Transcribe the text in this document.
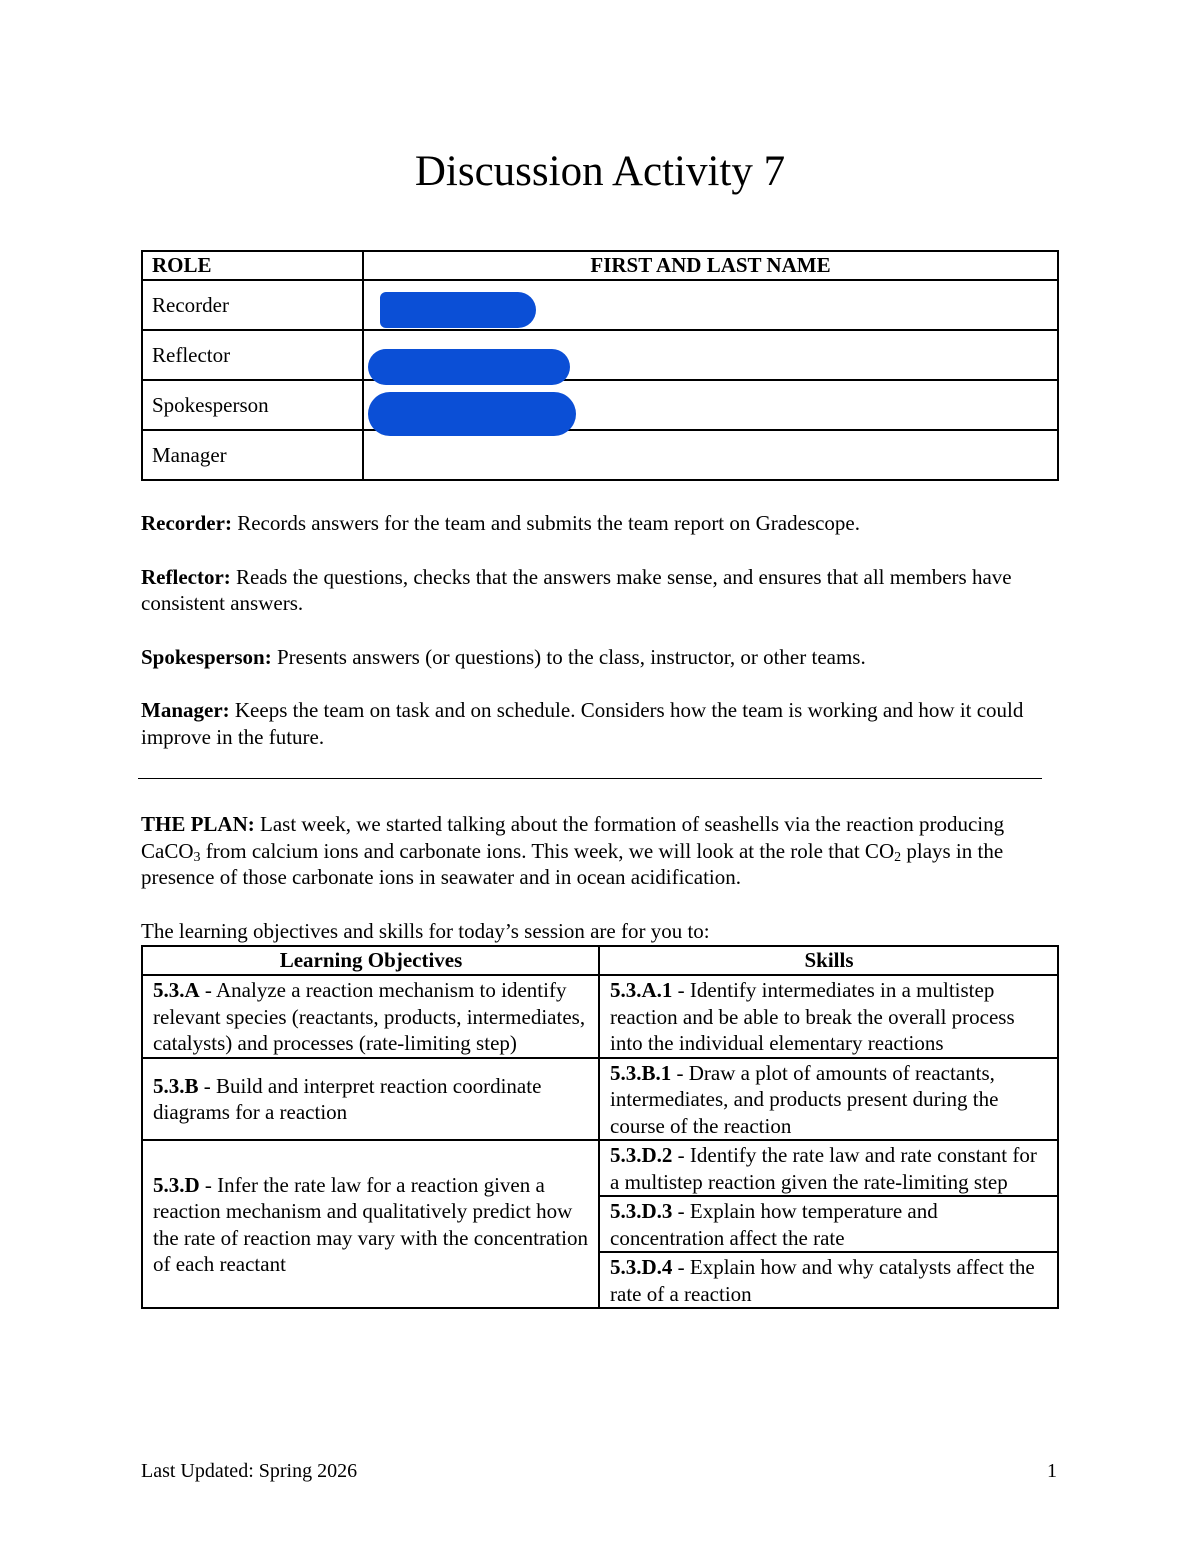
Discussion Activity 7
ROLE	FIRST AND LAST NAME
Recorder	
Reflector	
Spokesperson	
Manager	

Recorder: Records answers for the team and submits the team report on Gradescope.

Reflector: Reads the questions, checks that the answers make sense, and ensures that all members have consistent answers.

Spokesperson: Presents answers (or questions) to the class, instructor, or other teams.

Manager: Keeps the team on task and on schedule. Considers how the team is working and how it could improve in the future.

THE PLAN: Last week, we started talking about the formation of seashells via the reaction producing CaCO$_3$ from calcium ions and carbonate ions. This week, we will look at the role that $CO_2$ plays in the presence of those carbonate ions in seawater and in ocean acidification.

The learning objectives and skills for today’s session are for you to:

Learning Objectives	Skills
5.3.A - Analyze a reaction mechanism to identify relevant species (reactants, products, intermediates, catalysts) and processes (rate-limiting step)	5.3.A.1 - Identify intermediates in a multistep reaction and be able to break the overall process into the individual elementary reactions
5.3.B - Build and interpret reaction coordinate diagrams for a reaction	5.3.B.1 - Draw a plot of amounts of reactants, intermediates, and products present during the course of the reaction
5.3.D - Infer the rate law for a reaction given a reaction mechanism and qualitatively predict how the rate of reaction may vary with the concentration of each reactant	5.3.D.2 - Identify the rate law and rate constant for a multistep reaction given the rate-limiting step
	5.3.D.3 - Explain how temperature and concentration affect the rate
	5.3.D.4 - Explain how and why catalysts affect the rate of a reaction
Last Updated: Spring 2026	1
